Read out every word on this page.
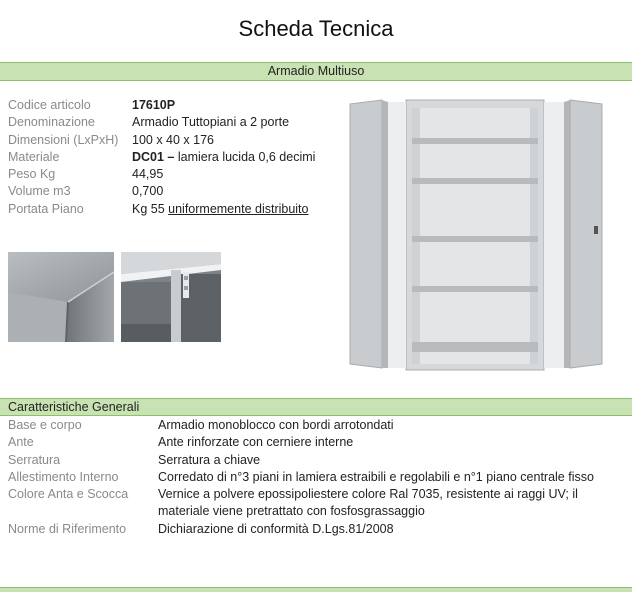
Scheda Tecnica
Armadio Multiuso
Codice articolo	17610P
Denominazione	Armadio Tuttopiani a 2 porte
Dimensioni (LxPxH)	100 x 40 x 176
Materiale	DC01 – lamiera lucida 0,6 decimi
Peso Kg	44,95
Volume m3	0,700
Portata Piano	Kg 55 uniformemente distribuito
Caratteristiche Generali
Base e corpo	Armadio monoblocco con bordi arrotondati
Ante	Ante rinforzate con cerniere interne
Serratura	Serratura a chiave
Allestimento Interno	Corredato di n°3 piani in lamiera estraibili e regolabili e n°1 piano centrale fisso
Colore Anta e Scocca	Vernice a polvere epossipoliestere colore Ral 7035, resistente ai raggi UV; il materiale viene pretrattato con fosfosgrassaggio
Norme di Riferimento	Dichiarazione di conformità D.Lgs.81/2008
